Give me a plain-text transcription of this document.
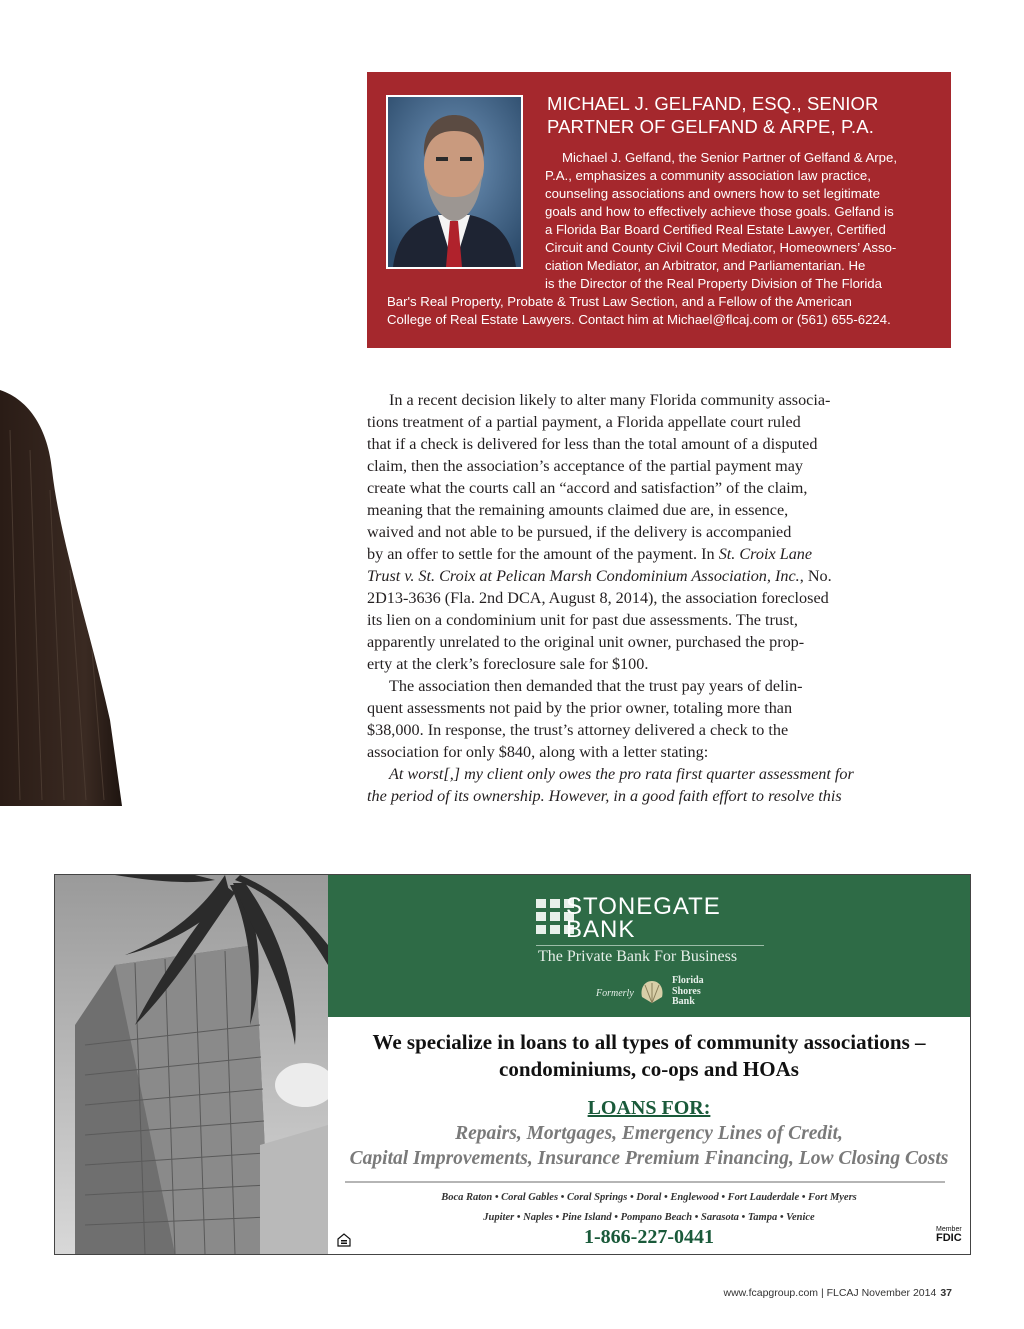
MICHAEL J. GELFAND, ESQ., SENIOR
PARTNER OF GELFAND & ARPE, P.A.
Michael J. Gelfand, the Senior Partner of Gelfand & Arpe,
P.A., emphasizes a community association law practice,
counseling associations and owners how to set legitimate
goals and how to effectively achieve those goals. Gelfand is
a Florida Bar Board Certified Real Estate Lawyer, Certified
Circuit and County Civil Court Mediator, Homeowners’ Asso-
ciation Mediator, an Arbitrator, and Parliamentarian. He
is the Director of the Real Property Division of The Florida
Bar's Real Property, Probate & Trust Law Section, and a Fellow of the American
College of Real Estate Lawyers. Contact him at Michael@flcaj.com or (561) 655-6224.
In a recent decision likely to alter many Florida community associa-
tions treatment of a partial payment, a Florida appellate court ruled
that if a check is delivered for less than the total amount of a disputed
claim, then the association’s acceptance of the partial payment may
create what the courts call an “accord and satisfaction” of the claim,
meaning that the remaining amounts claimed due are, in essence,
waived and not able to be pursued, if the delivery is accompanied
by an offer to settle for the amount of the payment. In St. Croix Lane
Trust v. St. Croix at Pelican Marsh Condominium Association, Inc., No.
2D13-3636 (Fla. 2nd DCA, August 8, 2014), the association foreclosed
its lien on a condominium unit for past due assessments. The trust,
apparently unrelated to the original unit owner, purchased the prop-
erty at the clerk’s foreclosure sale for $100.
The association then demanded that the trust pay years of delin-
quent assessments not paid by the prior owner, totaling more than
$38,000. In response, the trust’s attorney delivered a check to the
association for only $840, along with a letter stating:
At worst[,] my client only owes the pro rata first quarter assessment for
the period of its ownership. However, in a good faith effort to resolve this
STONEGATE
BANK
The Private Bank For Business
Formerly
Florida
Shores
Bank
We specialize in loans to all types of community associations –
condominiums, co-ops and HOAs
LOANS FOR:
Repairs, Mortgages, Emergency Lines of Credit,
Capital Improvements, Insurance Premium Financing, Low Closing Costs
Boca Raton • Coral Gables • Coral Springs • Doral • Englewood • Fort Lauderdale • Fort Myers
Jupiter • Naples • Pine Island • Pompano Beach • Sarasota • Tampa • Venice
1-866-227-0441	Member
FDIC
www.fcapgroup.com | FLCAJ November 2014 37
